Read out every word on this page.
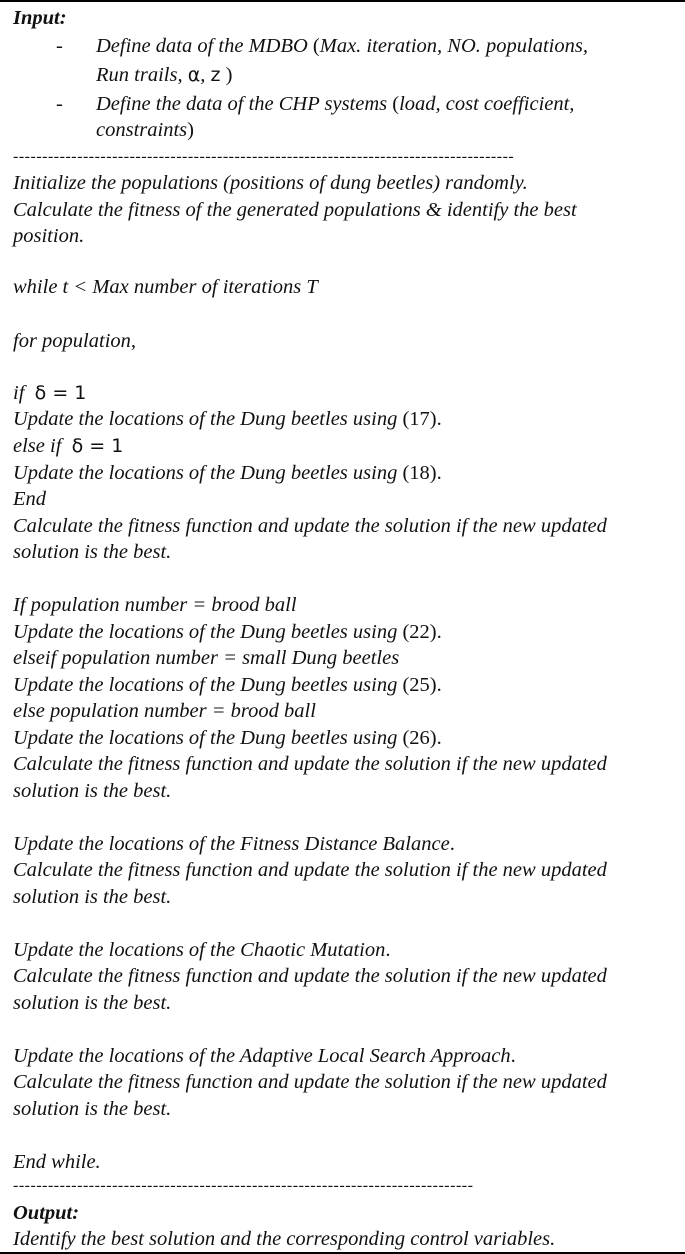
Input:
- Define data of the MDBO (Max. iteration, NO. populations,
Run trails, α, z )
- Define the data of the CHP systems (load, cost coefficient,
constraints)
--------------------------------------------------------------------------------------
Initialize the populations (positions of dung beetles) randomly.
Calculate the fitness of the generated populations & identify the best
position.
while t < Max number of iterations T
for population,
if δ = 1
Update the locations of the Dung beetles using (17).
else if δ = 1
Update the locations of the Dung beetles using (18).
End
Calculate the fitness function and update the solution if the new updated
solution is the best.
If population number = brood ball
Update the locations of the Dung beetles using (22).
elseif population number = small Dung beetles
Update the locations of the Dung beetles using (25).
else population number = brood ball
Update the locations of the Dung beetles using (26).
Calculate the fitness function and update the solution if the new updated
solution is the best.
Update the locations of the Fitness Distance Balance.
Calculate the fitness function and update the solution if the new updated
solution is the best.
Update the locations of the Chaotic Mutation.
Calculate the fitness function and update the solution if the new updated
solution is the best.
Update the locations of the Adaptive Local Search Approach.
Calculate the fitness function and update the solution if the new updated
solution is the best.
End while.
-------------------------------------------------------------------------------
Output:
Identify the best solution and the corresponding control variables.
